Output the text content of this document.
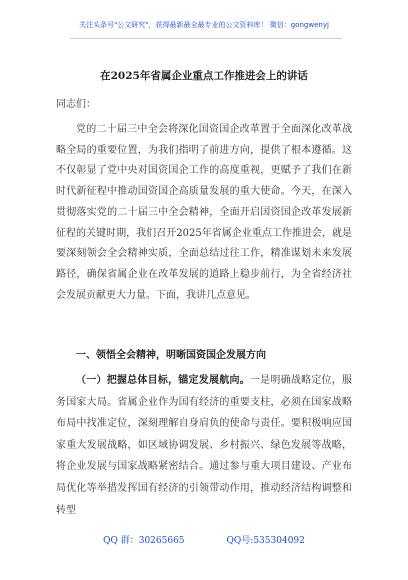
关注头条号"公文研究"，获得最新最全最专业的公文资料库！ 微信：gongwenyj
在2025年省属企业重点工作推进会上的讲话
同志们：

党的二十届三中全会将深化国资国企改革置于全面深化改革战略全局的重要位置，为我们指明了前进方向，提供了根本遵循。这不仅彰显了党中央对国资国企工作的高度重视，更赋予了我们在新时代新征程中推动国资国企高质量发展的重大使命。今天，在深入贯彻落实党的二十届三中全会精神，全面开启国资国企改革发展新征程的关键时期，我们召开2025年省属企业重点工作推进会，就是要深刻领会全会精神实质，全面总结过往工作，精准谋划未来发展路径，确保省属企业在改革发展的道路上稳步前行，为全省经济社会发展贡献更大力量。下面，我讲几点意见。

一、领悟全会精神，明晰国资国企发展方向

（一）把握总体目标，锚定发展航向。一是明确战略定位，服务国家大局。省属企业作为国有经济的重要支柱，必须在国家战略布局中找准定位，深刻理解自身肩负的使命与责任。要积极响应国家重大发展战略，如区域协调发展、乡村振兴、绿色发展等战略，将企业发展与国家战略紧密结合。通过参与重大项目建设、产业布局优化等举措发挥国有经济的引领带动作用，推动经济结构调整和转型

QQ 群：30265665	QQ号:535304092
